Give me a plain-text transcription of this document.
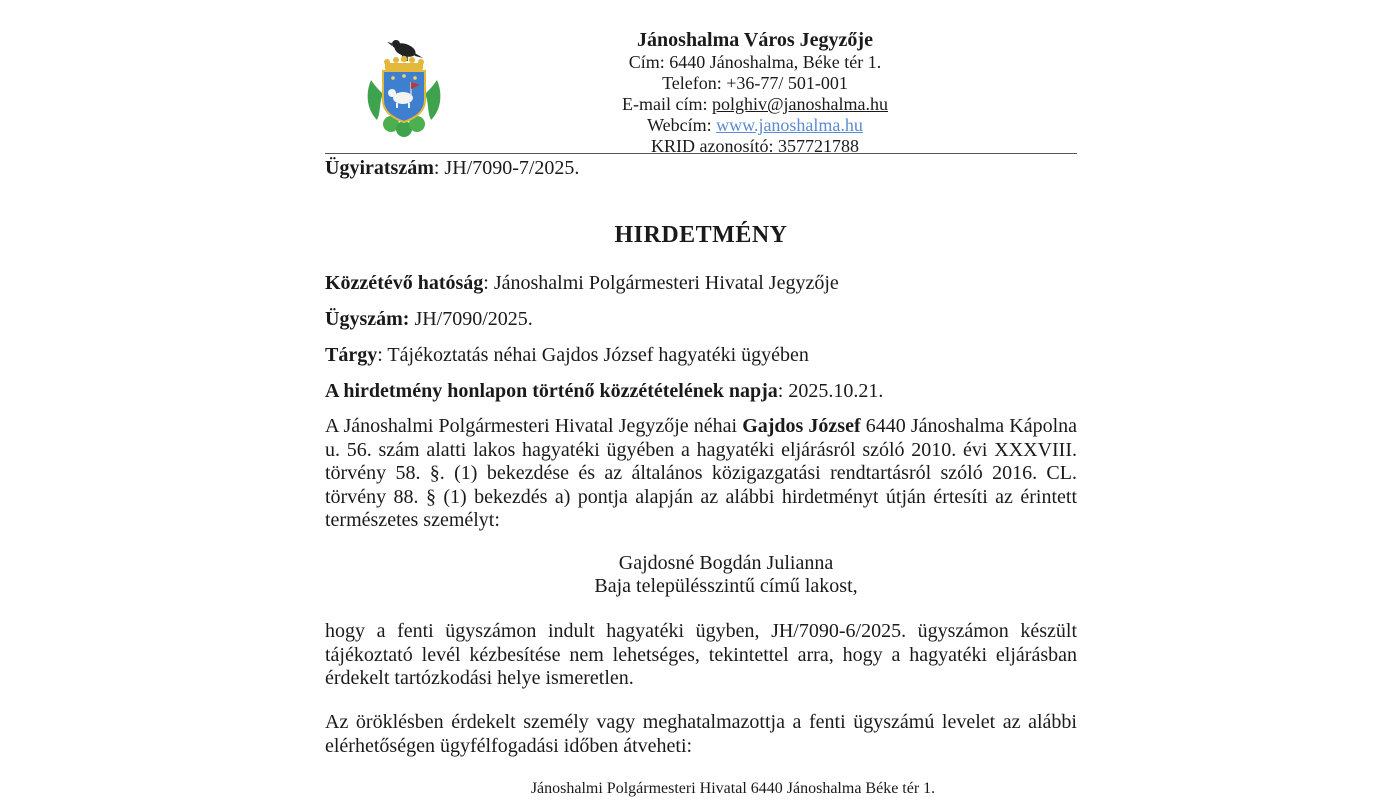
Jánoshalma Város Jegyzője
Cím: 6440 Jánoshalma, Béke tér 1.
Telefon: +36-77/ 501-001
E-mail cím: polghiv@janoshalma.hu
Webcím: www.janoshalma.hu
KRID azonosító: 357721788
Ügyiratszám: JH/7090-7/2025.
HIRDETMÉNY
Közzétévő hatóság: Jánoshalmi Polgármesteri Hivatal Jegyzője
Ügyszám: JH/7090/2025.
Tárgy: Tájékoztatás néhai Gajdos József hagyatéki ügyében
A hirdetmény honlapon történő közzétételének napja: 2025.10.21.
A Jánoshalmi Polgármesteri Hivatal Jegyzője néhai Gajdos József 6440 Jánoshalma Kápolna u. 56. szám alatti lakos hagyatéki ügyében a hagyatéki eljárásról szóló 2010. évi XXXVIII. törvény 58. §. (1) bekezdése és az általános közigazgatási rendtartásról szóló 2016. CL. törvény 88. § (1) bekezdés a) pontja alapján az alábbi hirdetményt útján értesíti az érintett természetes személyt:
Gajdosné Bogdán Julianna
Baja településszintű című lakost,
hogy a fenti ügyszámon indult hagyatéki ügyben, JH/7090-6/2025. ügyszámon készült tájékoztató levél kézbesítése nem lehetséges, tekintettel arra, hogy a hagyatéki eljárásban érdekelt tartózkodási helye ismeretlen.
Az öröklésben érdekelt személy vagy meghatalmazottja a fenti ügyszámú levelet az alábbi elérhetőségen ügyfélfogadási időben átveheti:
Jánoshalmi Polgármesteri Hivatal 6440 Jánoshalma Béke tér 1.
